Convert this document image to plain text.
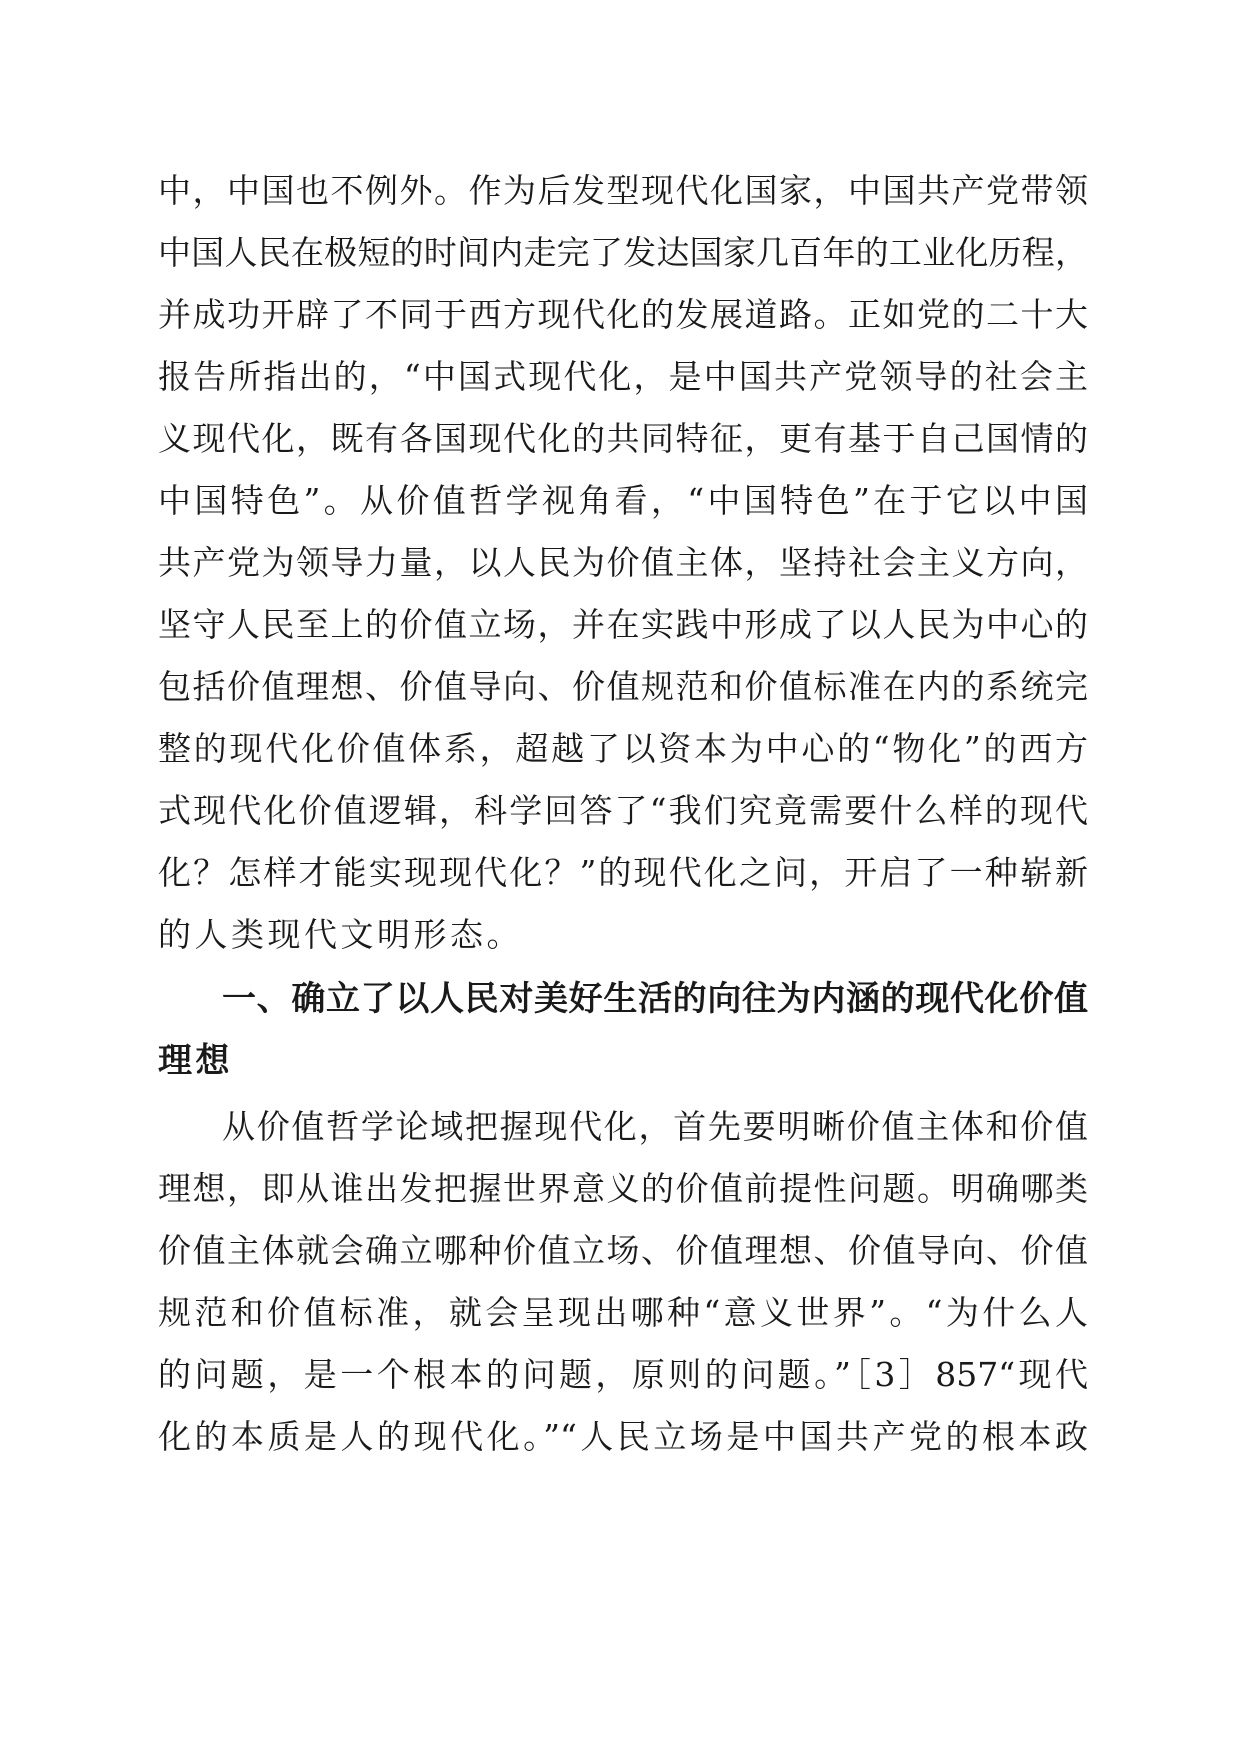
中，中国也不例外。作为后发型现代化国家，中国共产党带领
中国人民在极短的时间内走完了发达国家几百年的工业化历程，
并成功开辟了不同于西方现代化的发展道路。正如党的二十大
报告所指出的，“中国式现代化，是中国共产党领导的社会主
义现代化，既有各国现代化的共同特征，更有基于自己国情的
中国特色”。从价值哲学视角看，“中国特色”在于它以中国
共产党为领导力量，以人民为价值主体，坚持社会主义方向，
坚守人民至上的价值立场，并在实践中形成了以人民为中心的
包括价值理想、价值导向、价值规范和价值标准在内的系统完
整的现代化价值体系，超越了以资本为中心的“物化”的西方
式现代化价值逻辑，科学回答了“我们究竟需要什么样的现代
化？怎样才能实现现代化？”的现代化之问，开启了一种崭新
的人类现代文明形态。
一、确立了以人民对美好生活的向往为内涵的现代化价值
理想
从价值哲学论域把握现代化，首先要明晰价值主体和价值
理想，即从谁出发把握世界意义的价值前提性问题。明确哪类
价值主体就会确立哪种价值立场、价值理想、价值导向、价值
规范和价值标准，就会呈现出哪种“意义世界”。“为什么人
的问题，是一个根本的问题，原则的问题。”［3］857“现代
化的本质是人的现代化。”“人民立场是中国共产党的根本政
